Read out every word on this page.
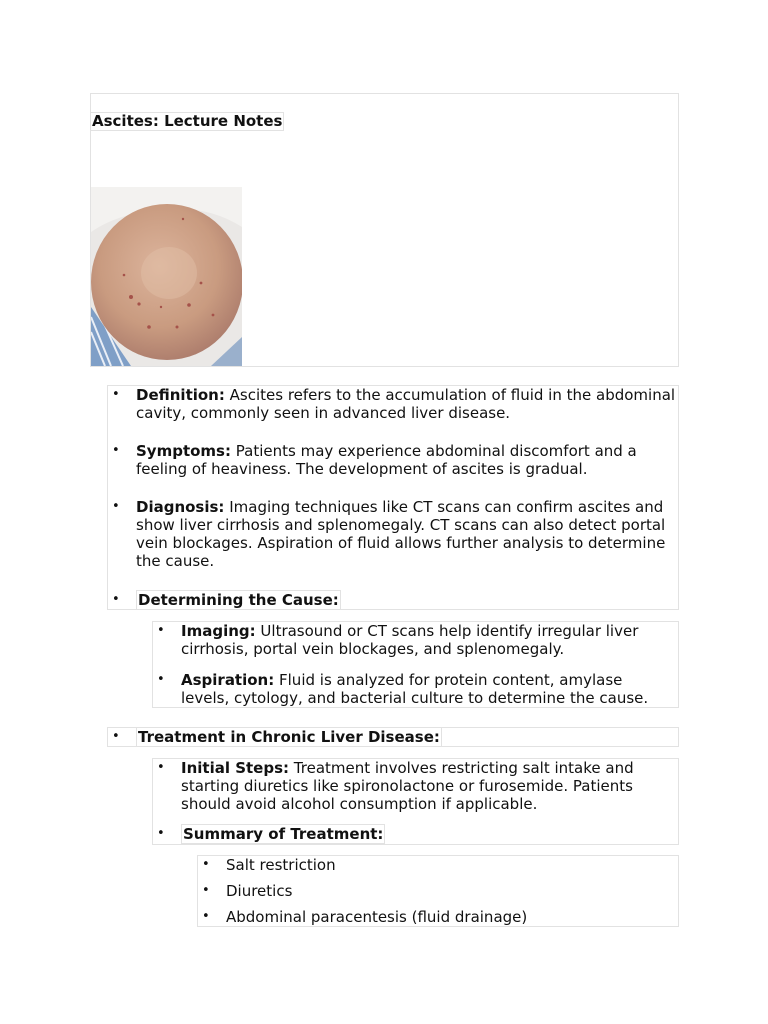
Ascites: Lecture Notes
• Definition: Ascites refers to the accumulation of fluid in the abdominal cavity, commonly seen in advanced liver disease.
• Symptoms: Patients may experience abdominal discomfort and a feeling of heaviness. The development of ascites is gradual.
• Diagnosis: Imaging techniques like CT scans can confirm ascites and show liver cirrhosis and splenomegaly. CT scans can also detect portal vein blockages. Aspiration of fluid allows further analysis to determine the cause.
• Determining the Cause:
• Imaging: Ultrasound or CT scans help identify irregular liver cirrhosis, portal vein blockages, and splenomegaly.
• Aspiration: Fluid is analyzed for protein content, amylase levels, cytology, and bacterial culture to determine the cause.
• Treatment in Chronic Liver Disease:
• Initial Steps: Treatment involves restricting salt intake and starting diuretics like spironolactone or furosemide. Patients should avoid alcohol consumption if applicable.
• Summary of Treatment:
• Salt restriction
• Diuretics
• Abdominal paracentesis (fluid drainage)
